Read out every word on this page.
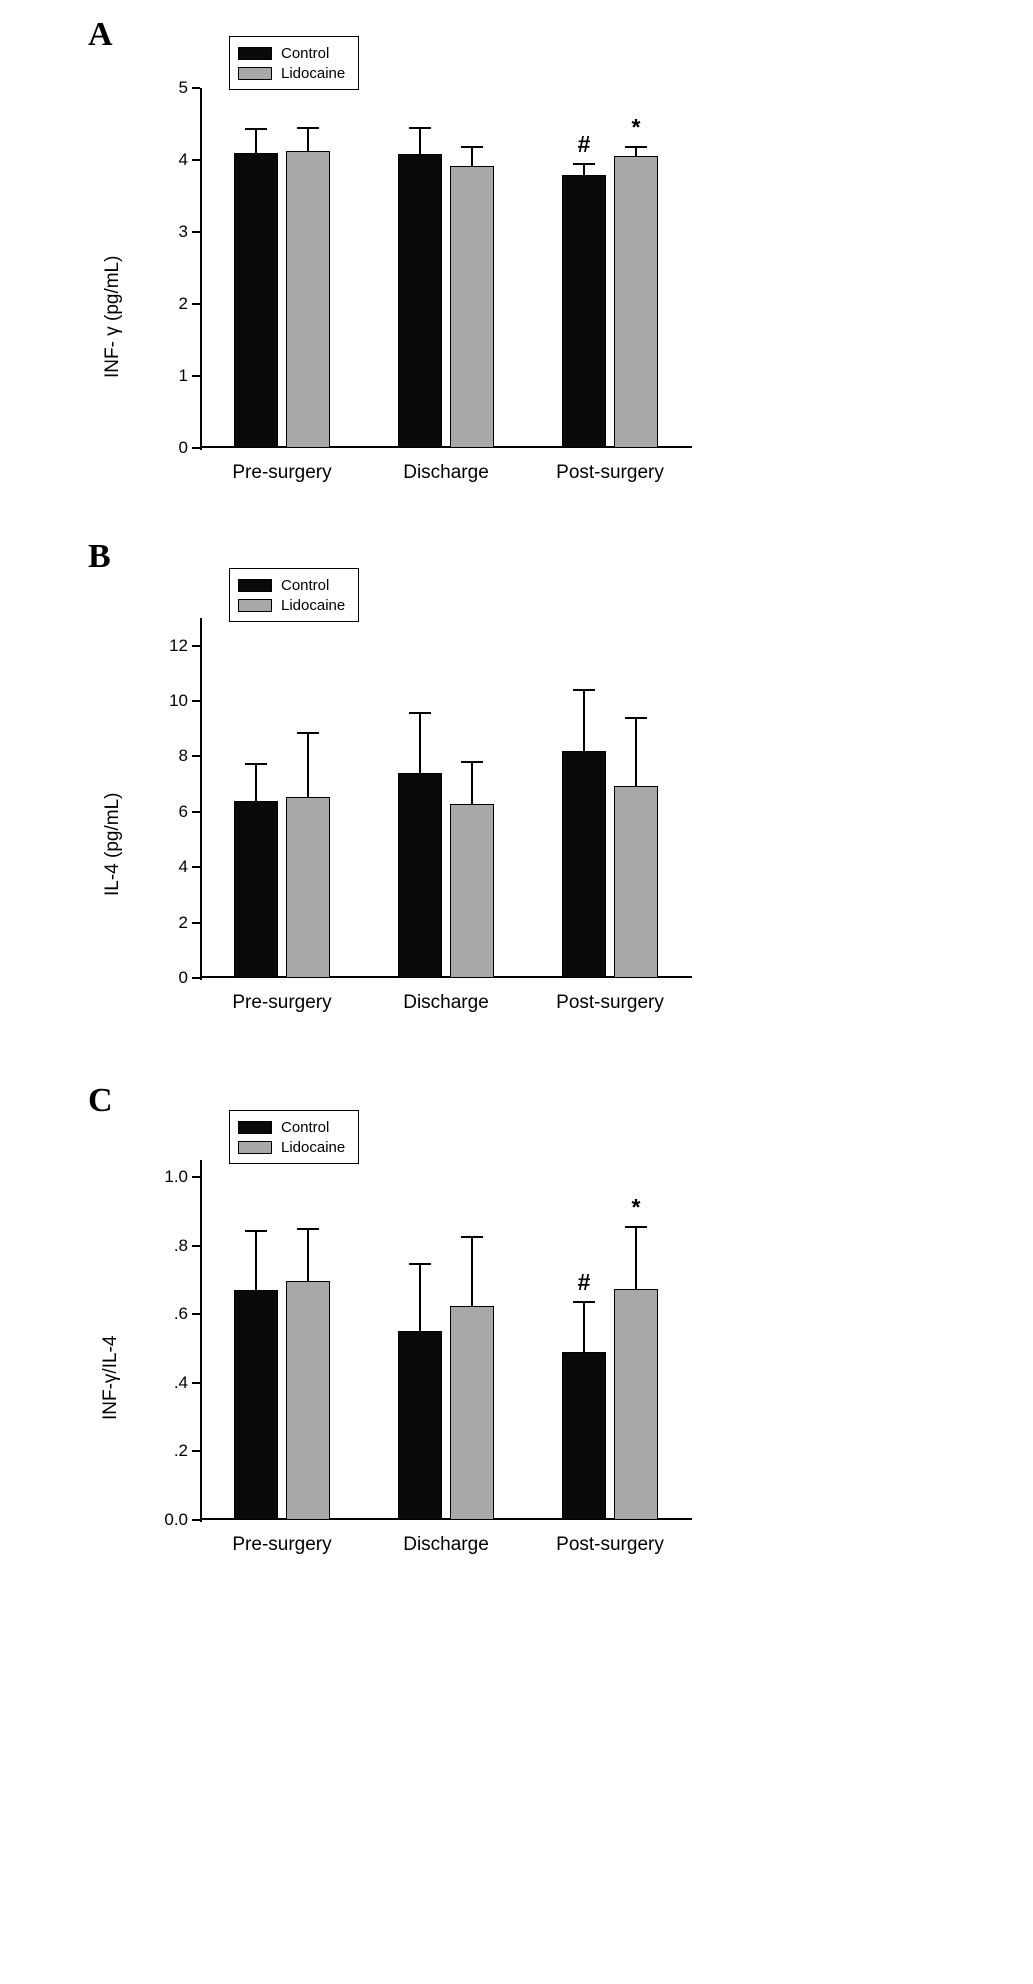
A
INF- γ (pg/mL)
0
1
2
3
4
5
Pre-surgery	Discharge	Post-surgery
#
*
Control
Lidocaine
B
IL-4 (pg/mL)
0
2
4
6
8
10
12
Pre-surgery	Discharge	Post-surgery
Control
Lidocaine
C
INF-γ/IL-4
0.0
.2
.4
.6
.8
1.0
Pre-surgery	Discharge	Post-surgery
#
*
Control
Lidocaine
